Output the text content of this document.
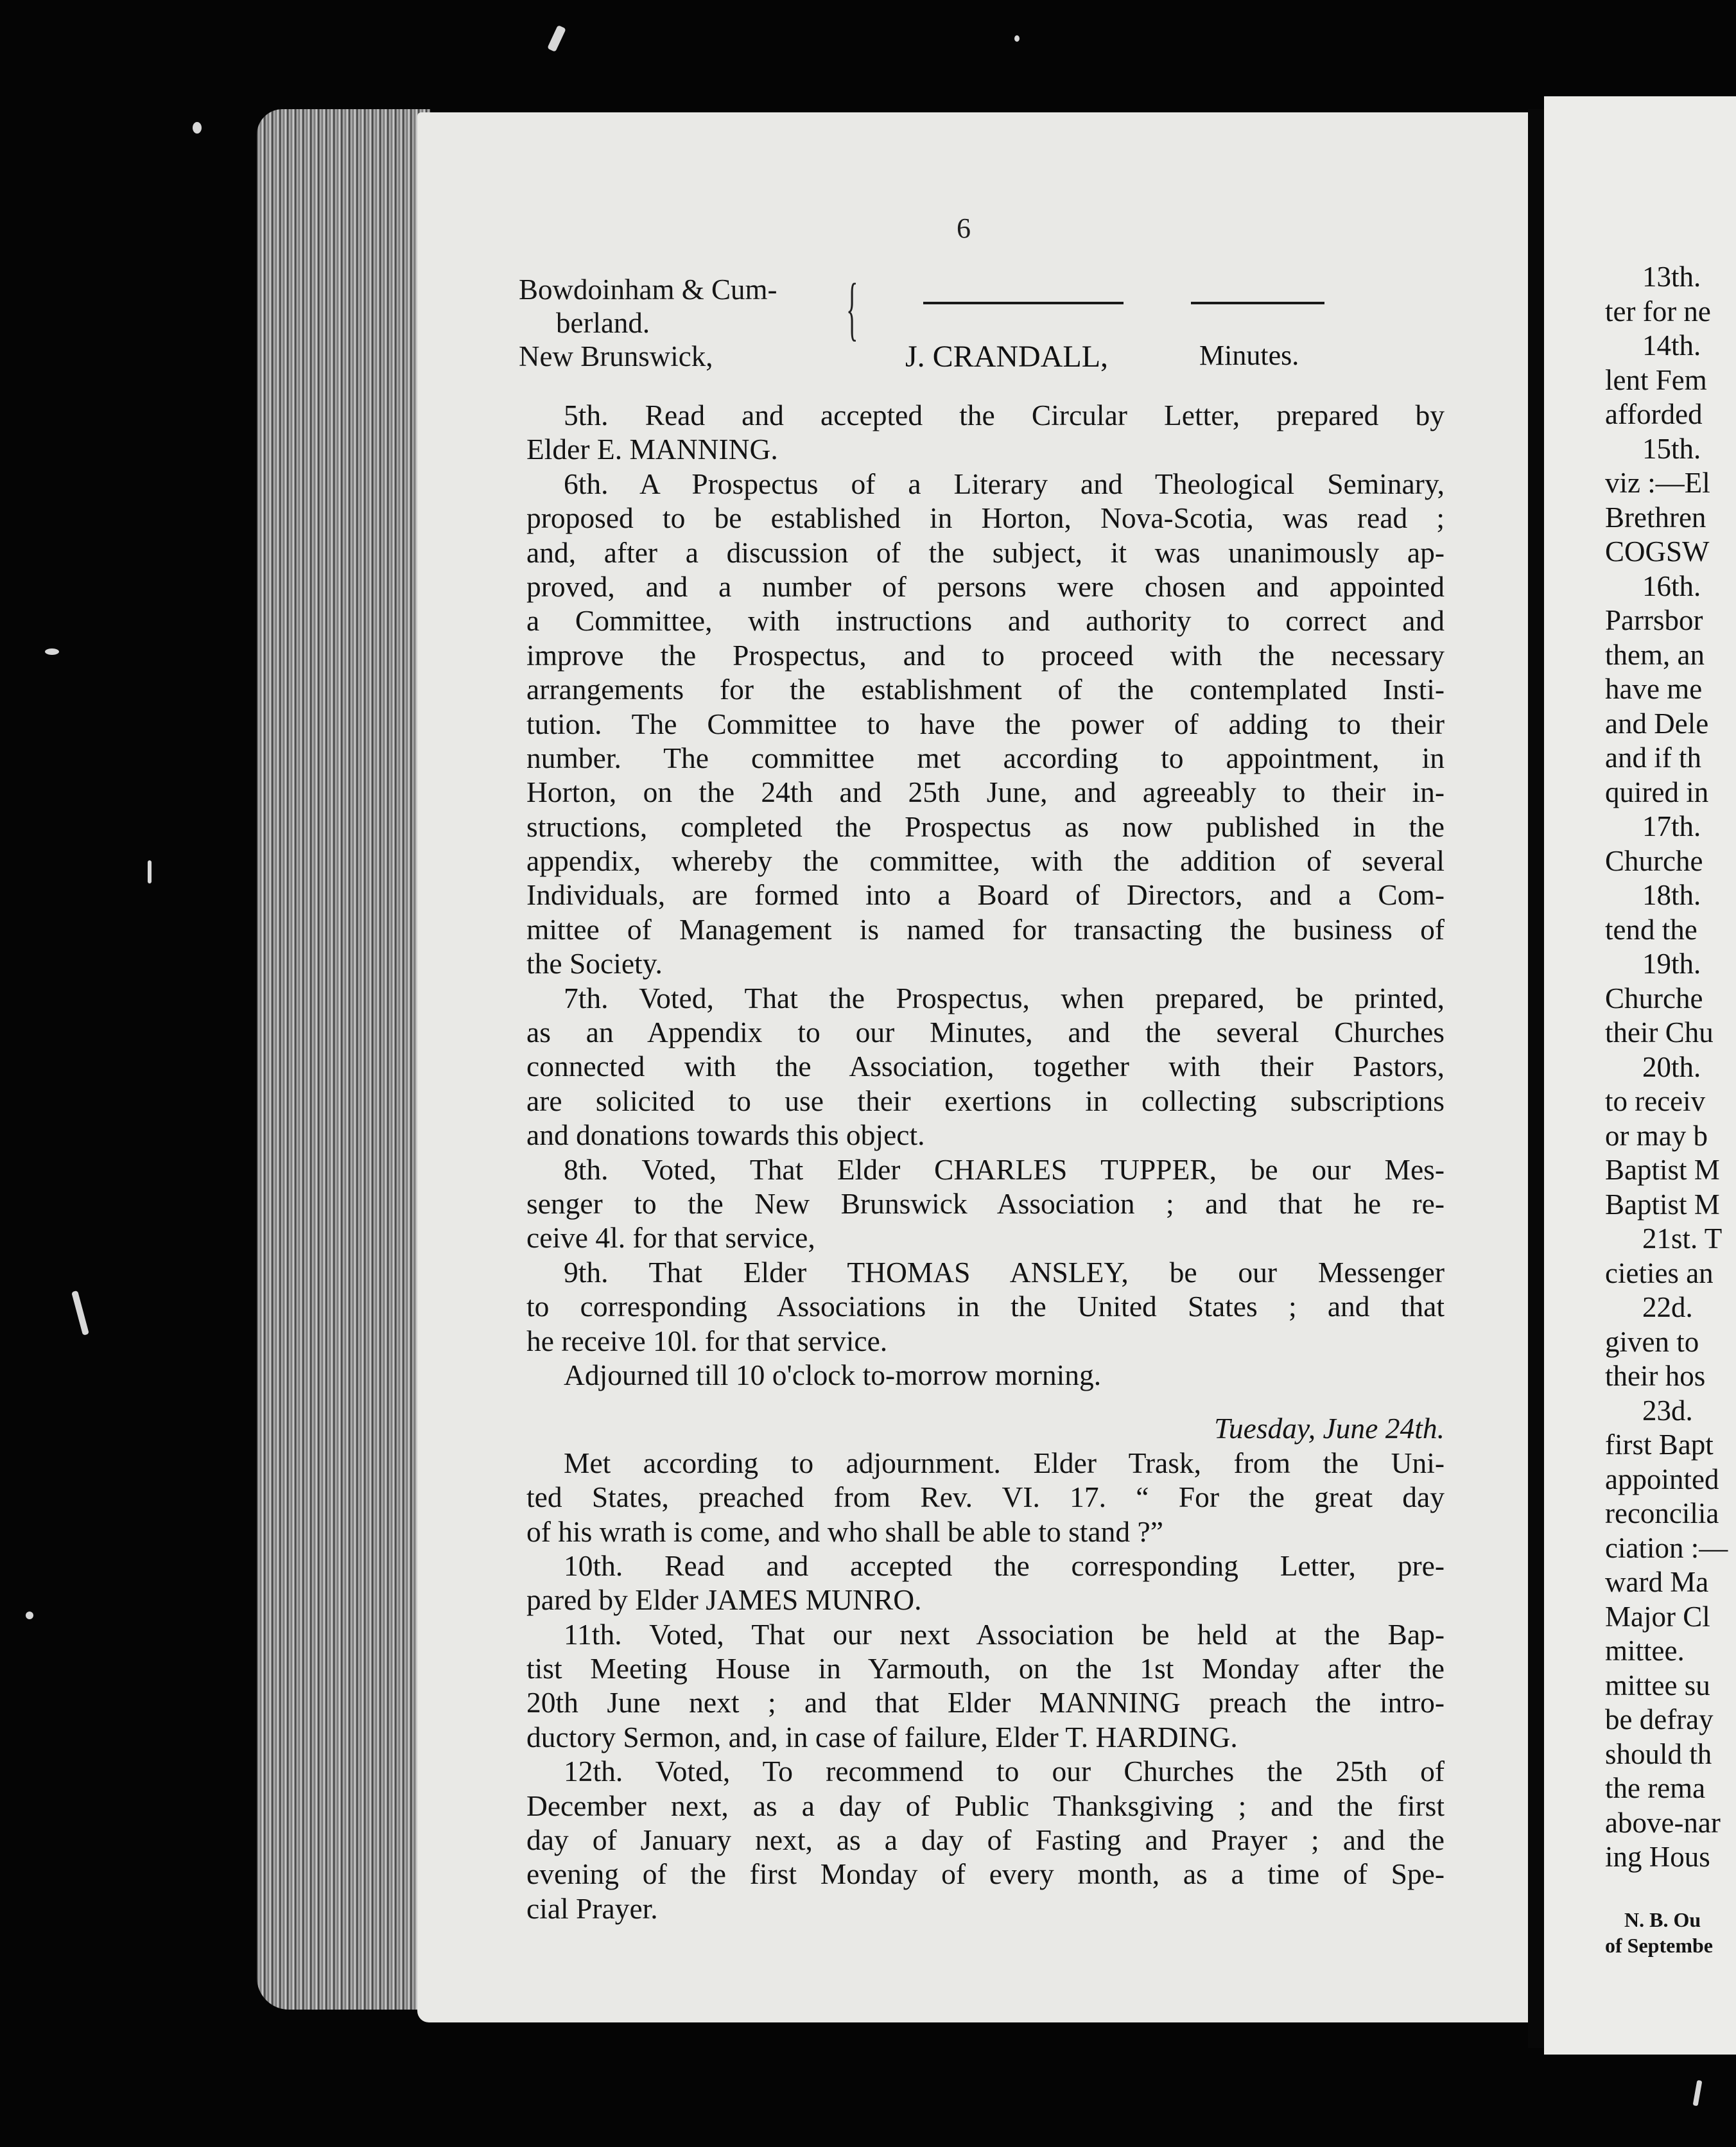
6
Bowdoinham & Cum-
berland.
New Brunswick,
{
J. CRANDALL,	Minutes.
5th. Read and accepted the Circular Letter, prepared by
Elder E. MANNING.
6th. A Prospectus of a Literary and Theological Seminary,
proposed to be established in Horton, Nova-Scotia, was read ;
and, after a discussion of the subject, it was unanimously ap-
proved, and a number of persons were chosen and appointed
a Committee, with instructions and authority to correct and
improve the Prospectus, and to proceed with the necessary
arrangements for the establishment of the contemplated Insti-
tution. The Committee to have the power of adding to their
number. The committee met according to appointment, in
Horton, on the 24th and 25th June, and agreeably to their in-
structions, completed the Prospectus as now published in the
appendix, whereby the committee, with the addition of several
Individuals, are formed into a Board of Directors, and a Com-
mittee of Management is named for transacting the business of
the Society.
7th. Voted, That the Prospectus, when prepared, be printed,
as an Appendix to our Minutes, and the several Churches
connected with the Association, together with their Pastors,
are solicited to use their exertions in collecting subscriptions
and donations towards this object.
8th. Voted, That Elder CHARLES TUPPER, be our Mes-
senger to the New Brunswick Association ; and that he re-
ceive 4l. for that service,
9th. That Elder THOMAS ANSLEY, be our Messenger
to corresponding Associations in the United States ; and that
he receive 10l. for that service.
Adjourned till 10 o'clock to-morrow morning.
Tuesday, June 24th.
Met according to adjournment. Elder Trask, from the Uni-
ted States, preached from Rev. VI. 17. “ For the great day
of his wrath is come, and who shall be able to stand ?”
10th. Read and accepted the corresponding Letter, pre-
pared by Elder JAMES MUNRO.
11th. Voted, That our next Association be held at the Bap-
tist Meeting House in Yarmouth, on the 1st Monday after the
20th June next ; and that Elder MANNING preach the intro-
ductory Sermon, and, in case of failure, Elder T. HARDING.
12th. Voted, To recommend to our Churches the 25th of
December next, as a day of Public Thanksgiving ; and the first
day of January next, as a day of Fasting and Prayer ; and the
evening of the first Monday of every month, as a time of Spe-
cial Prayer.
13th.
ter for ne
14th.
lent Fem
afforded
15th.
viz :—El
Brethren
COGSW
16th.
Parrsbor
them, an
have me
and Dele
and if th
quired in
17th.
Churche
18th.
tend the
19th.
Churche
their Chu
20th.
to receiv
or may b
Baptist M
Baptist M
21st. T
cieties an
22d.
given to
their hos
23d.
first Bapt
appointed
reconcilia
ciation :—
ward Ma
Major Cl
mittee.
mittee su
be defray
should th
the rema
above-nar
ing Hous
N. B. Ou
of Septembe
